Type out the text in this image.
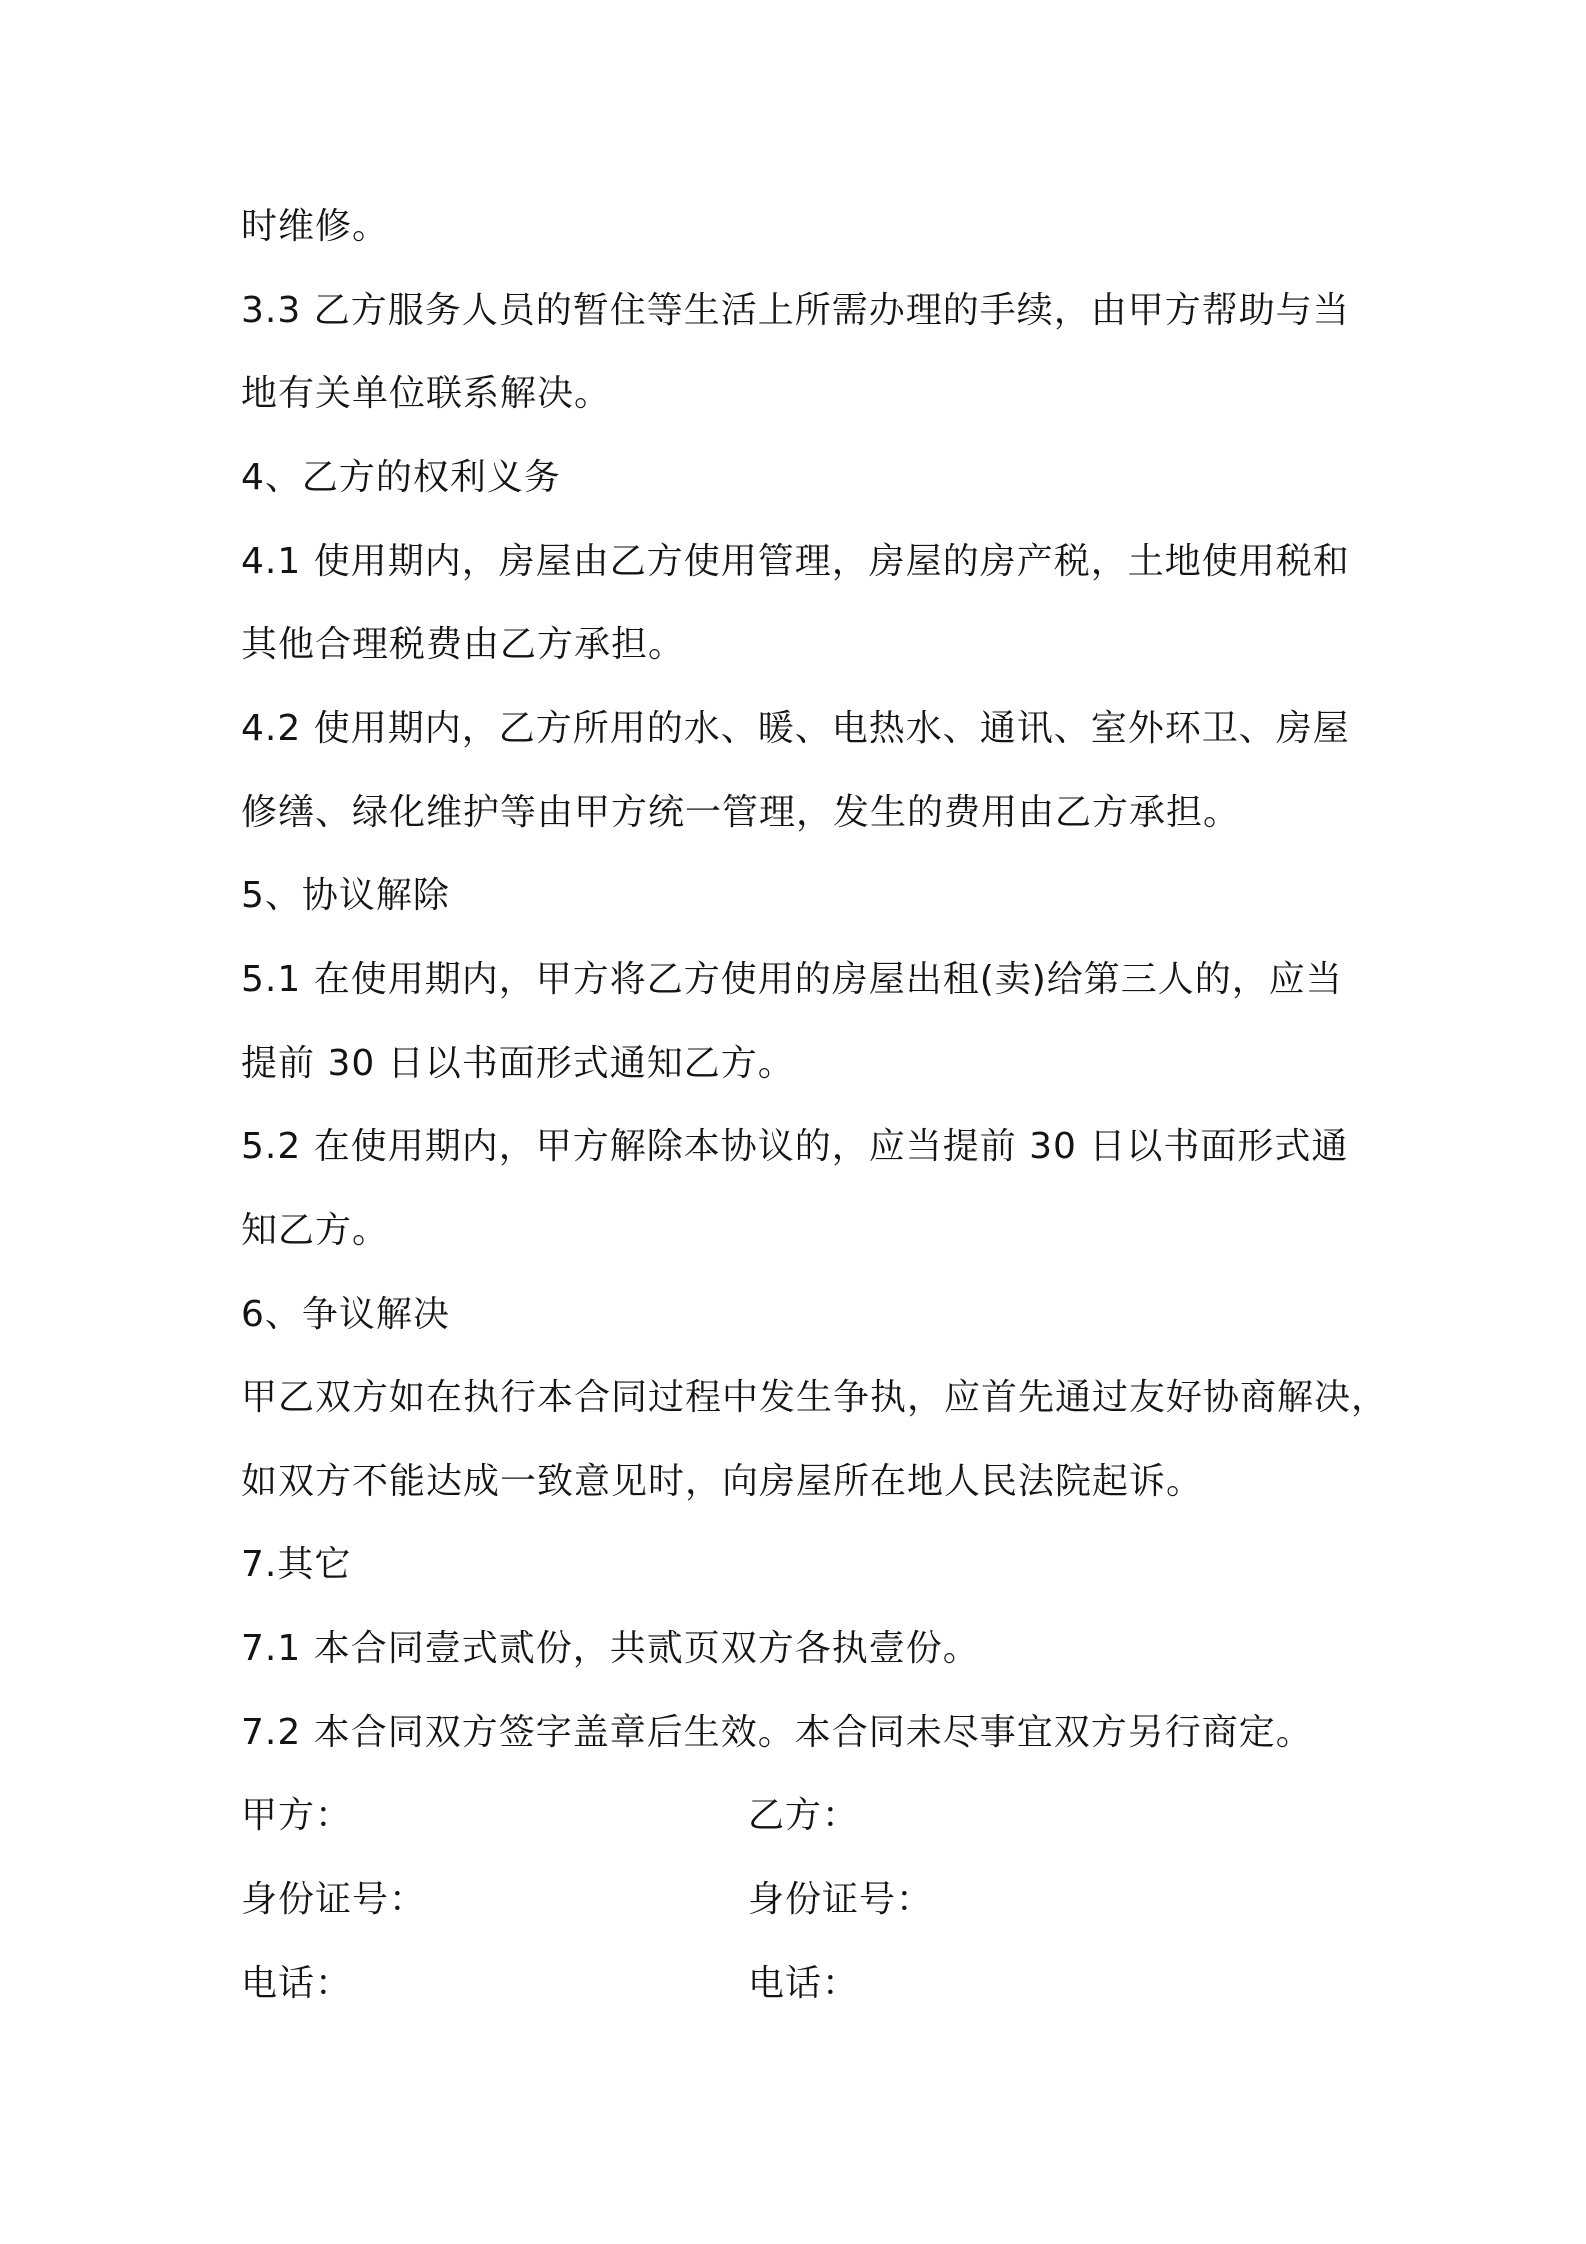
时维修。
3.3 乙方服务人员的暂住等生活上所需办理的手续，由甲方帮助与当
地有关单位联系解决。
4、乙方的权利义务
4.1 使用期内，房屋由乙方使用管理，房屋的房产税，土地使用税和
其他合理税费由乙方承担。
4.2 使用期内，乙方所用的水、暖、电热水、通讯、室外环卫、房屋
修缮、绿化维护等由甲方统一管理，发生的费用由乙方承担。
5、协议解除
5.1 在使用期内，甲方将乙方使用的房屋出租(卖)给第三人的，应当
提前 30 日以书面形式通知乙方。
5.2 在使用期内，甲方解除本协议的，应当提前 30 日以书面形式通
知乙方。
6、争议解决
甲乙双方如在执行本合同过程中发生争执，应首先通过友好协商解决，
如双方不能达成一致意见时，向房屋所在地人民法院起诉。
7.其它
7.1 本合同壹式贰份，共贰页双方各执壹份。
7.2 本合同双方签字盖章后生效。本合同未尽事宜双方另行商定。
甲方：	乙方：
身份证号：	身份证号：
电话：	电话：
